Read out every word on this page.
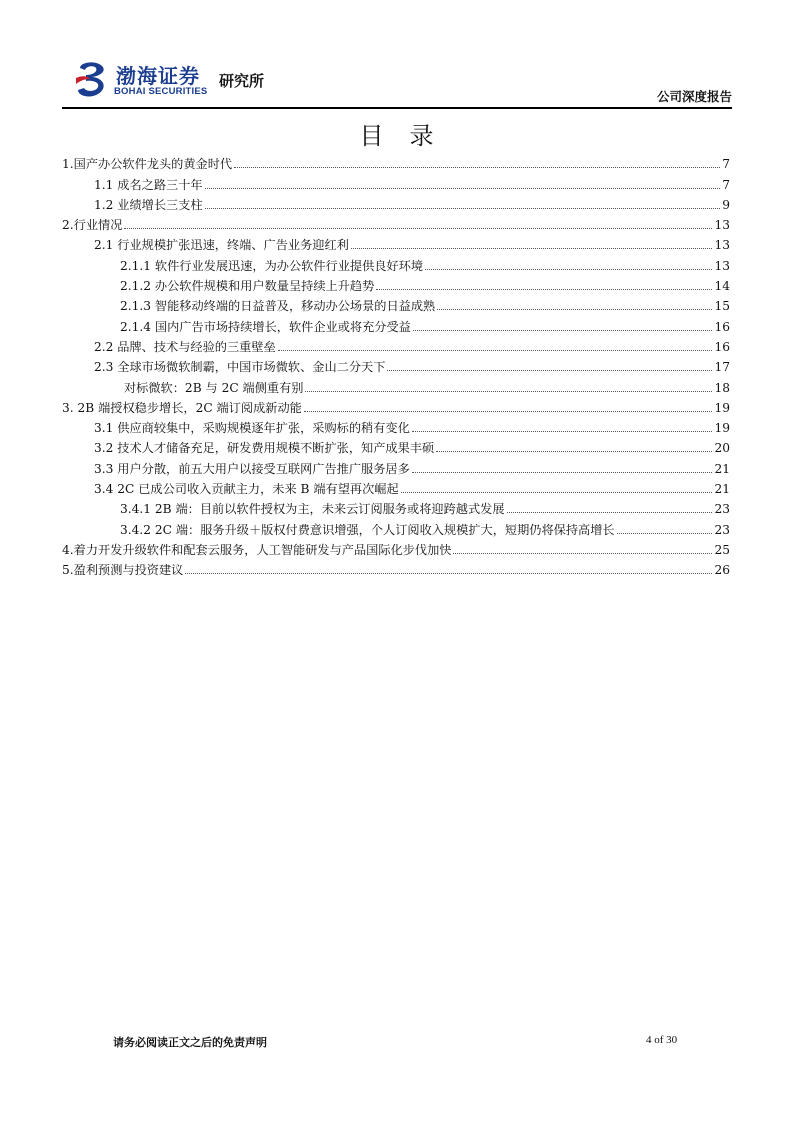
渤海证券
BOHAI SECURITIES
研究所
公司深度报告
目录
1.国产办公软件龙头的黄金时代	7
1.1 成名之路三十年	7
1.2 业绩增长三支柱	9
2.行业情况	13
2.1 行业规模扩张迅速，终端、广告业务迎红利	13
2.1.1 软件行业发展迅速，为办公软件行业提供良好环境	13
2.1.2 办公软件规模和用户数量呈持续上升趋势	14
2.1.3 智能移动终端的日益普及，移动办公场景的日益成熟	15
2.1.4 国内广告市场持续增长，软件企业或将充分受益	16
2.2 品牌、技术与经验的三重壁垒	16
2.3 全球市场微软制霸，中国市场微软、金山二分天下	17
对标微软：2B 与 2C 端侧重有别	18
3. 2B 端授权稳步增长，2C 端订阅成新动能	19
3.1 供应商较集中，采购规模逐年扩张，采购标的稍有变化	19
3.2 技术人才储备充足，研发费用规模不断扩张，知产成果丰硕	20
3.3 用户分散，前五大用户以接受互联网广告推广服务居多	21
3.4 2C 已成公司收入贡献主力，未来 B 端有望再次崛起	21
3.4.1 2B 端：目前以软件授权为主，未来云订阅服务或将迎跨越式发展	23
3.4.2 2C 端：服务升级＋版权付费意识增强，个人订阅收入规模扩大，短期仍将保持高增长	23
4.着力开发升级软件和配套云服务，人工智能研发与产品国际化步伐加快	25
5.盈利预测与投资建议	26
请务必阅读正文之后的免责声明	4 of 30
